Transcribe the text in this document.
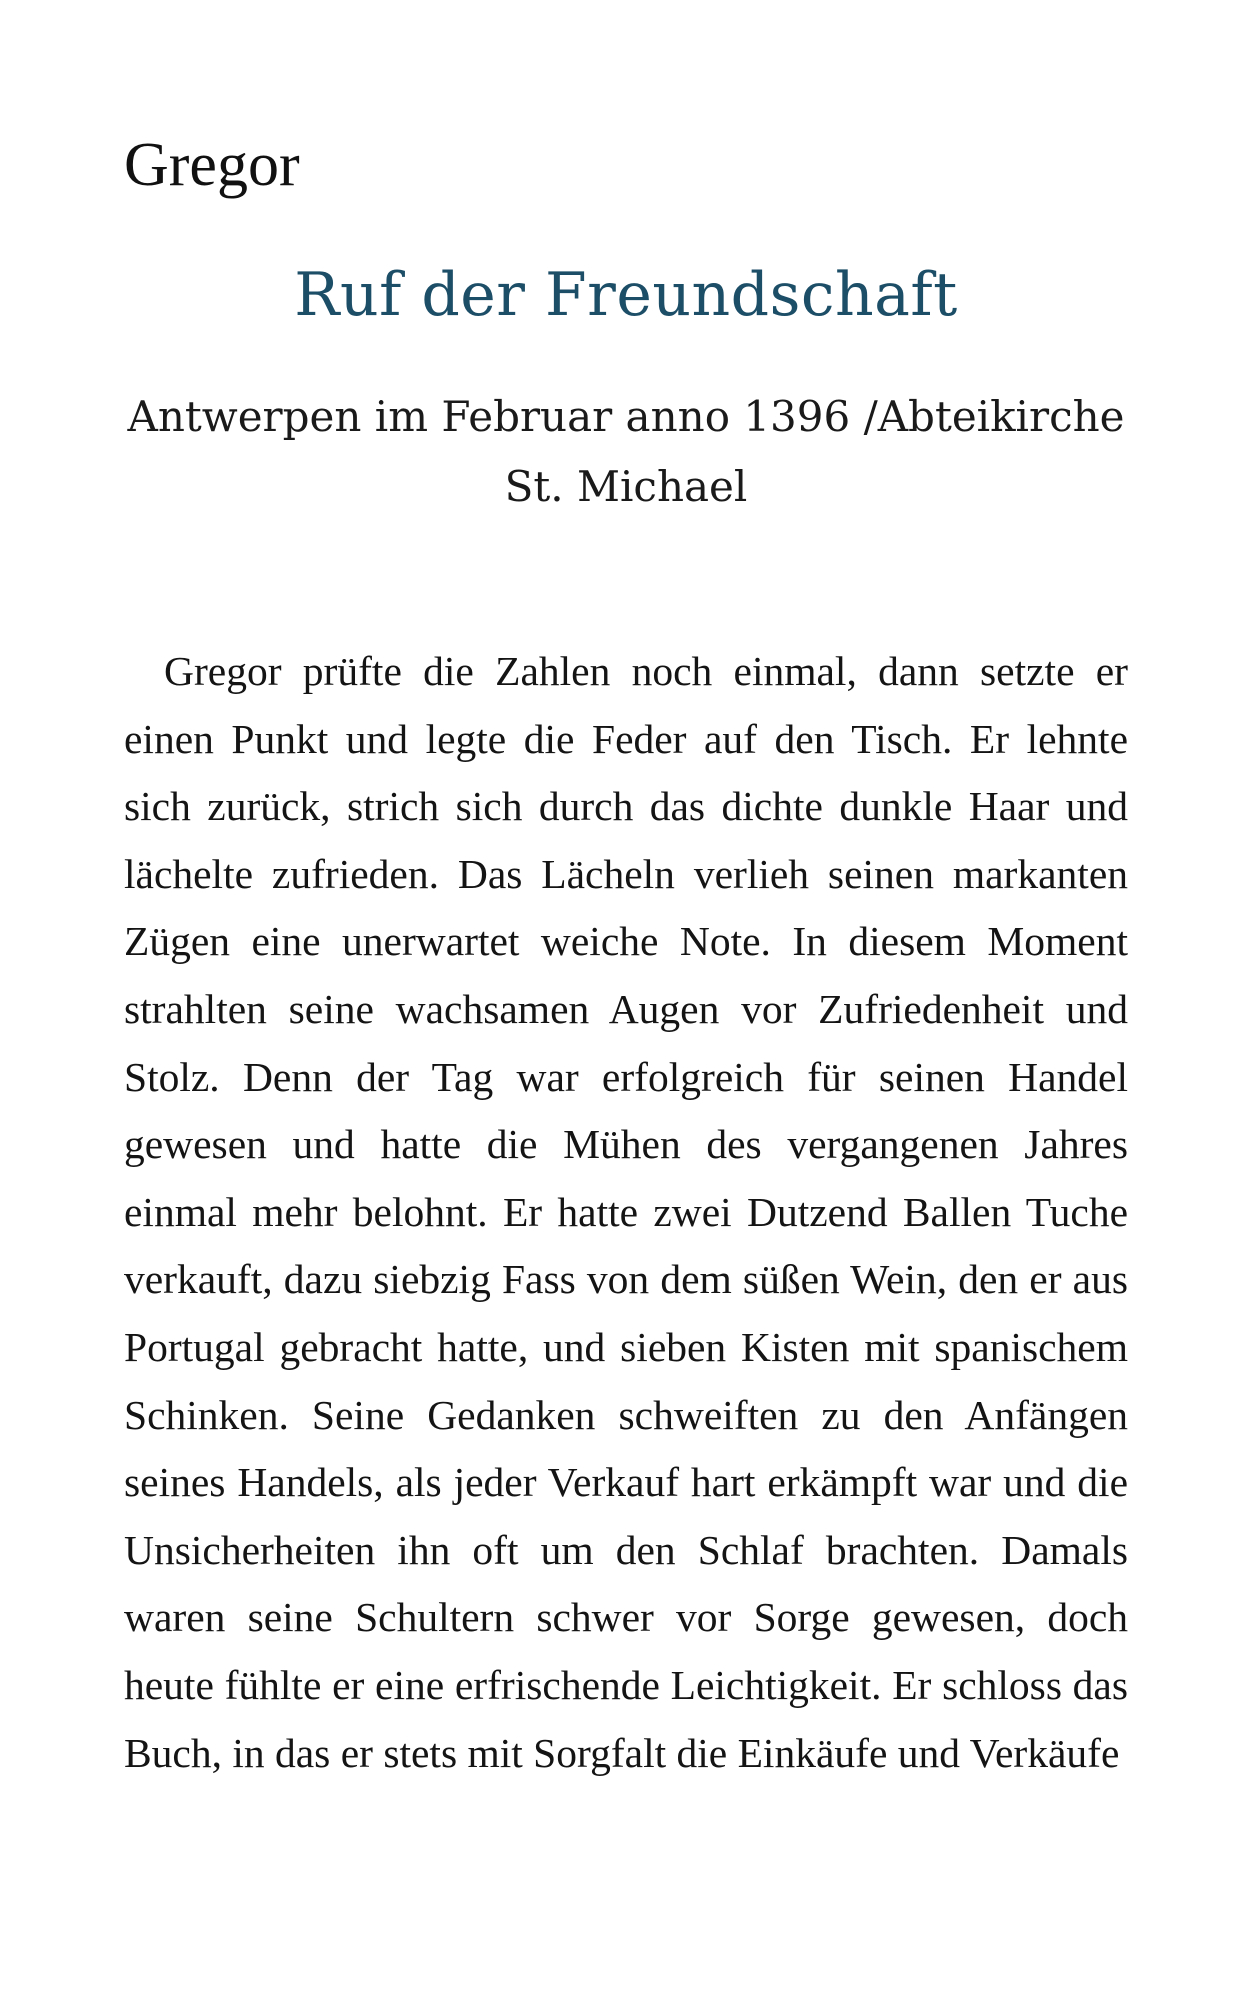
Gregor
Ruf der Freundschaft
Antwerpen im Februar anno 1396 /Abteikirche St. Michael

Gregor prüfte die Zahlen noch einmal, dann setzte er einen Punkt und legte die Feder auf den Tisch. Er lehnte sich zurück, strich sich durch das dichte dunkle Haar und lächelte zufrieden. Das Lächeln verlieh seinen markanten Zügen eine unerwartet weiche Note. In diesem Moment strahlten seine wachsamen Augen vor Zufriedenheit und Stolz. Denn der Tag war erfolgreich für seinen Handel gewesen und hatte die Mühen des vergangenen Jahres einmal mehr belohnt. Er hatte zwei Dutzend Ballen Tuche verkauft, dazu siebzig Fass von dem süßen Wein, den er aus Portugal gebracht hatte, und sieben Kisten mit spanischem Schinken. Seine Gedanken schweiften zu den Anfängen seines Handels, als jeder Verkauf hart erkämpft war und die Unsicherheiten ihn oft um den Schlaf brachten. Damals waren seine Schultern schwer vor Sorge gewesen, doch heute fühlte er eine erfrischende Leichtigkeit. Er schloss das Buch, in das er stets mit Sorgfalt die Einkäufe und Verkäufe
